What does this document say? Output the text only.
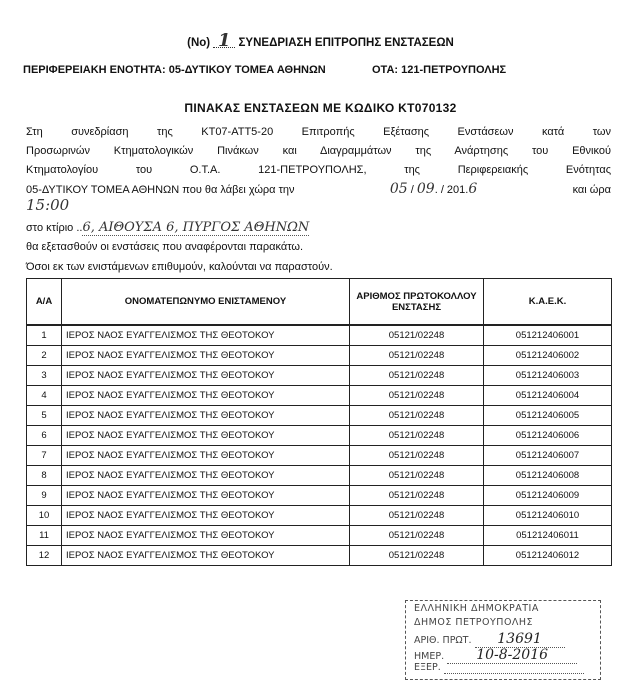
(Νο) 1 ΣΥΝΕΔΡΙΑΣΗ ΕΠΙΤΡΟΠΗΣ ΕΝΣΤΑΣΕΩΝ
ΠΕΡΙΦΕΡΕΙΑΚΗ ΕΝΟΤΗΤΑ: 05-ΔΥΤΙΚΟΥ ΤΟΜΕΑ ΑΘΗΝΩΝ	ΟΤΑ: 121-ΠΕΤΡΟΥΠΟΛΗΣ
ΠΙΝΑΚΑΣ ΕΝΣΤΑΣΕΩΝ ΜΕ ΚΩΔΙΚΟ ΚΤ070132
Στη συνεδρίαση της ΚΤ07-ΑΤΤ5-20 Επιτροπής Εξέτασης Ενστάσεων κατά των
Προσωρινών Κτηματολογικών Πινάκων και Διαγραμμάτων της Ανάρτησης του Εθνικού
Κτηματολογίου του Ο.Τ.Α. 121-ΠΕΤΡΟΥΠΟΛΗΣ, της Περιφερειακής Ενότητας
05-ΔΥΤΙΚΟΥ ΤΟΜΕΑ ΑΘΗΝΩΝ που θα λάβει χώρα την	05 / 09. / 201.6	και ώρα
15:00
στο κτίριο ..6, ΑΙΘΟΥΣΑ 6, ΠΥΡΓΟΣ ΑΘΗΝΩΝ
θα εξετασθούν οι ενστάσεις που αναφέρονται παρακάτω.
Όσοι εκ των ενιστάμενων επιθυμούν, καλούνται να παραστούν.
Α/Α	ΟΝΟΜΑΤΕΠΩΝΥΜΟ ΕΝΙΣΤΑΜΕΝΟΥ	ΑΡΙΘΜΟΣ ΠΡΩΤΟΚΟΛΛΟΥ ΕΝΣΤΑΣΗΣ	Κ.Α.Ε.Κ.
1	ΙΕΡΟΣ ΝΑΟΣ ΕΥΑΓΓΕΛΙΣΜΟΣ ΤΗΣ ΘΕΟΤΟΚΟΥ	05121/02248	051212406001
2	ΙΕΡΟΣ ΝΑΟΣ ΕΥΑΓΓΕΛΙΣΜΟΣ ΤΗΣ ΘΕΟΤΟΚΟΥ	05121/02248	051212406002
3	ΙΕΡΟΣ ΝΑΟΣ ΕΥΑΓΓΕΛΙΣΜΟΣ ΤΗΣ ΘΕΟΤΟΚΟΥ	05121/02248	051212406003
4	ΙΕΡΟΣ ΝΑΟΣ ΕΥΑΓΓΕΛΙΣΜΟΣ ΤΗΣ ΘΕΟΤΟΚΟΥ	05121/02248	051212406004
5	ΙΕΡΟΣ ΝΑΟΣ ΕΥΑΓΓΕΛΙΣΜΟΣ ΤΗΣ ΘΕΟΤΟΚΟΥ	05121/02248	051212406005
6	ΙΕΡΟΣ ΝΑΟΣ ΕΥΑΓΓΕΛΙΣΜΟΣ ΤΗΣ ΘΕΟΤΟΚΟΥ	05121/02248	051212406006
7	ΙΕΡΟΣ ΝΑΟΣ ΕΥΑΓΓΕΛΙΣΜΟΣ ΤΗΣ ΘΕΟΤΟΚΟΥ	05121/02248	051212406007
8	ΙΕΡΟΣ ΝΑΟΣ ΕΥΑΓΓΕΛΙΣΜΟΣ ΤΗΣ ΘΕΟΤΟΚΟΥ	05121/02248	051212406008
9	ΙΕΡΟΣ ΝΑΟΣ ΕΥΑΓΓΕΛΙΣΜΟΣ ΤΗΣ ΘΕΟΤΟΚΟΥ	05121/02248	051212406009
10	ΙΕΡΟΣ ΝΑΟΣ ΕΥΑΓΓΕΛΙΣΜΟΣ ΤΗΣ ΘΕΟΤΟΚΟΥ	05121/02248	051212406010
11	ΙΕΡΟΣ ΝΑΟΣ ΕΥΑΓΓΕΛΙΣΜΟΣ ΤΗΣ ΘΕΟΤΟΚΟΥ	05121/02248	051212406011
12	ΙΕΡΟΣ ΝΑΟΣ ΕΥΑΓΓΕΛΙΣΜΟΣ ΤΗΣ ΘΕΟΤΟΚΟΥ	05121/02248	051212406012
ΕΛΛΗΝΙΚΗ ΔΗΜΟΚΡΑΤΙΑ
ΔΗΜΟΣ ΠΕΤΡΟΥΠΟΛΗΣ
ΑΡΙΘ. ΠΡΩΤ. 13691
ΗΜΕΡ. 10-8-2016
ΕΞΕΡ.
